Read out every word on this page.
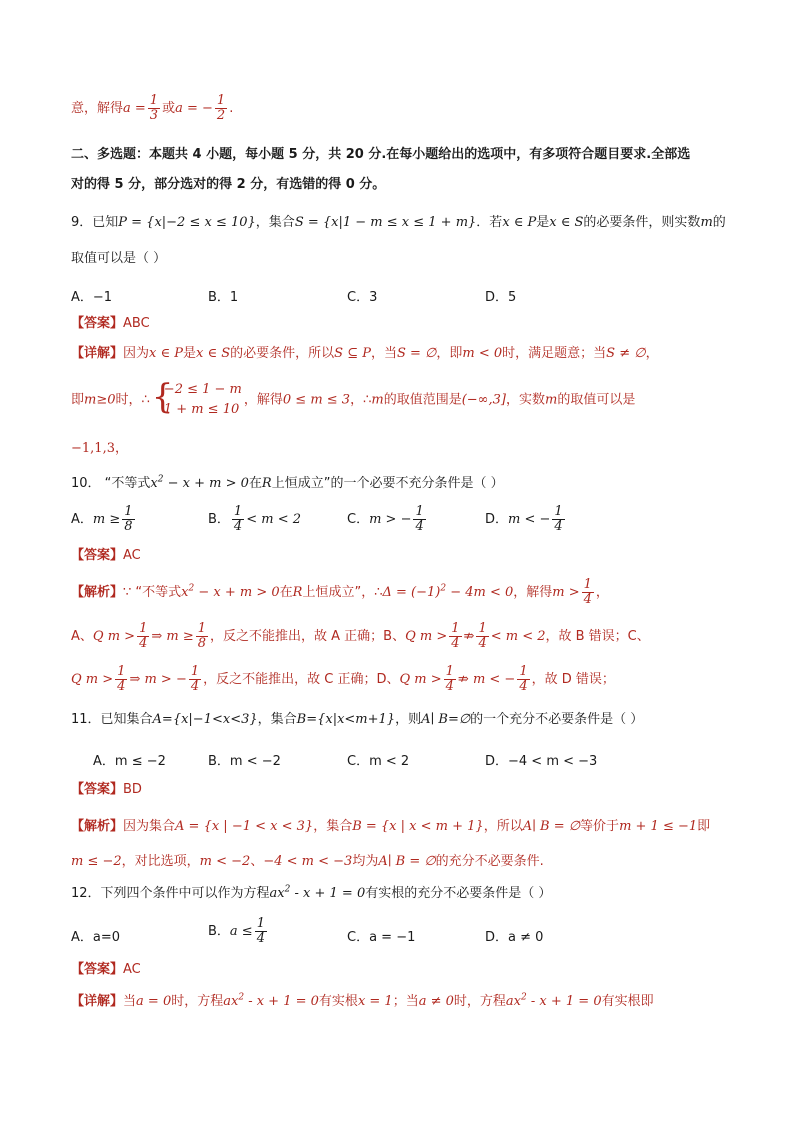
意，解得$a = \frac{1}{3}$ 或a = − $\frac{1}{2}$ .
二、多选题：本题共 4 小题，每小题 5 分，共 20 分.在每小题给出的选项中，有多项符合题目要求.全部选
对的得 5 分，部分选对的得 2 分，有选错的得 0 分。
9．已知P = {x|−2 ≤ x ≤ 10}，集合S = {x|1 − m ≤ x ≤ 1 + m}．若x ∈ P是x ∈ S的必要条件，则实数m的
取值可以是（ ）
A．−1	B．1	C．3	D．5
【答案】ABC
【详解】因为x ∈ P是x ∈ S的必要条件，所以S ⊆ P，当S = ∅，即m < 0时，满足题意；当S ≠ ∅，
即m≥0时，∴ {
−2 ≤ 1 − m
1 + m ≤ 10
，解得0 ≤ m ≤ 3，∴m的取值范围是(−∞,3]，实数m的取值可以是
−1,1,3，
10． “不等式$x^2 - x + m > 0$在R上恒成立”的一个必要不充分条件是（ ）
A．$m \ge \frac{1}{8}$	B． $\frac{1}{4} < m < 2$	C．m > − $\frac{1}{4}$	D．m < − $\frac{1}{4}$
【答案】AC
【解析】∵ “不等式$x^2 - x + m > 0$在R上恒成立”，∴Δ = $(-1)^2 - 4m < 0$，解得$m > \frac{1}{4}$ ，
A、Q $m > \frac{1}{4}$ ⇒ $m \ge \frac{1}{8}$ ，反之不能推出，故 A 正确；B、Q $m > \frac{1}{4}$ ⇏ $\frac{1}{4} < m < 2$，故 B 错误；C、
Q $m > \frac{1}{4}$ ⇒ m > − $\frac{1}{4}$ ，反之不能推出，故 C 正确；D、Q $m > \frac{1}{4}$ ⇏ m < − $\frac{1}{4}$ ，故 D 错误；
11．已知集合A={x|−1<x<3}，集合B={x|x<m+1}，则A∣ B=∅的一个充分不必要条件是（ ）
A．m ≤ −2	B．m < −2	C．m < 2	D．−4 < m < −3
【答案】BD
【解析】因为集合A = {x | −1 < x < 3}，集合B = {x | x < m + 1}，所以A∣ B = ∅等价于m + 1 ≤ −1即
m ≤ −2，对比选项，m < −2、−4 < m < −3均为A∣ B = ∅的充分不必要条件.
12．下列四个条件中可以作为方程$ax^2 - x + 1 = 0$有实根的充分不必要条件是（ ）
A．a=0	B．$a \le \frac{1}{4}$	C．a = −1	D．a ≠ 0
【答案】AC
【详解】当a = 0时，方程$ax^2 - x + 1 = 0$有实根x = 1；当a ≠ 0时，方程$ax^2 - x + 1 = 0$有实根即
